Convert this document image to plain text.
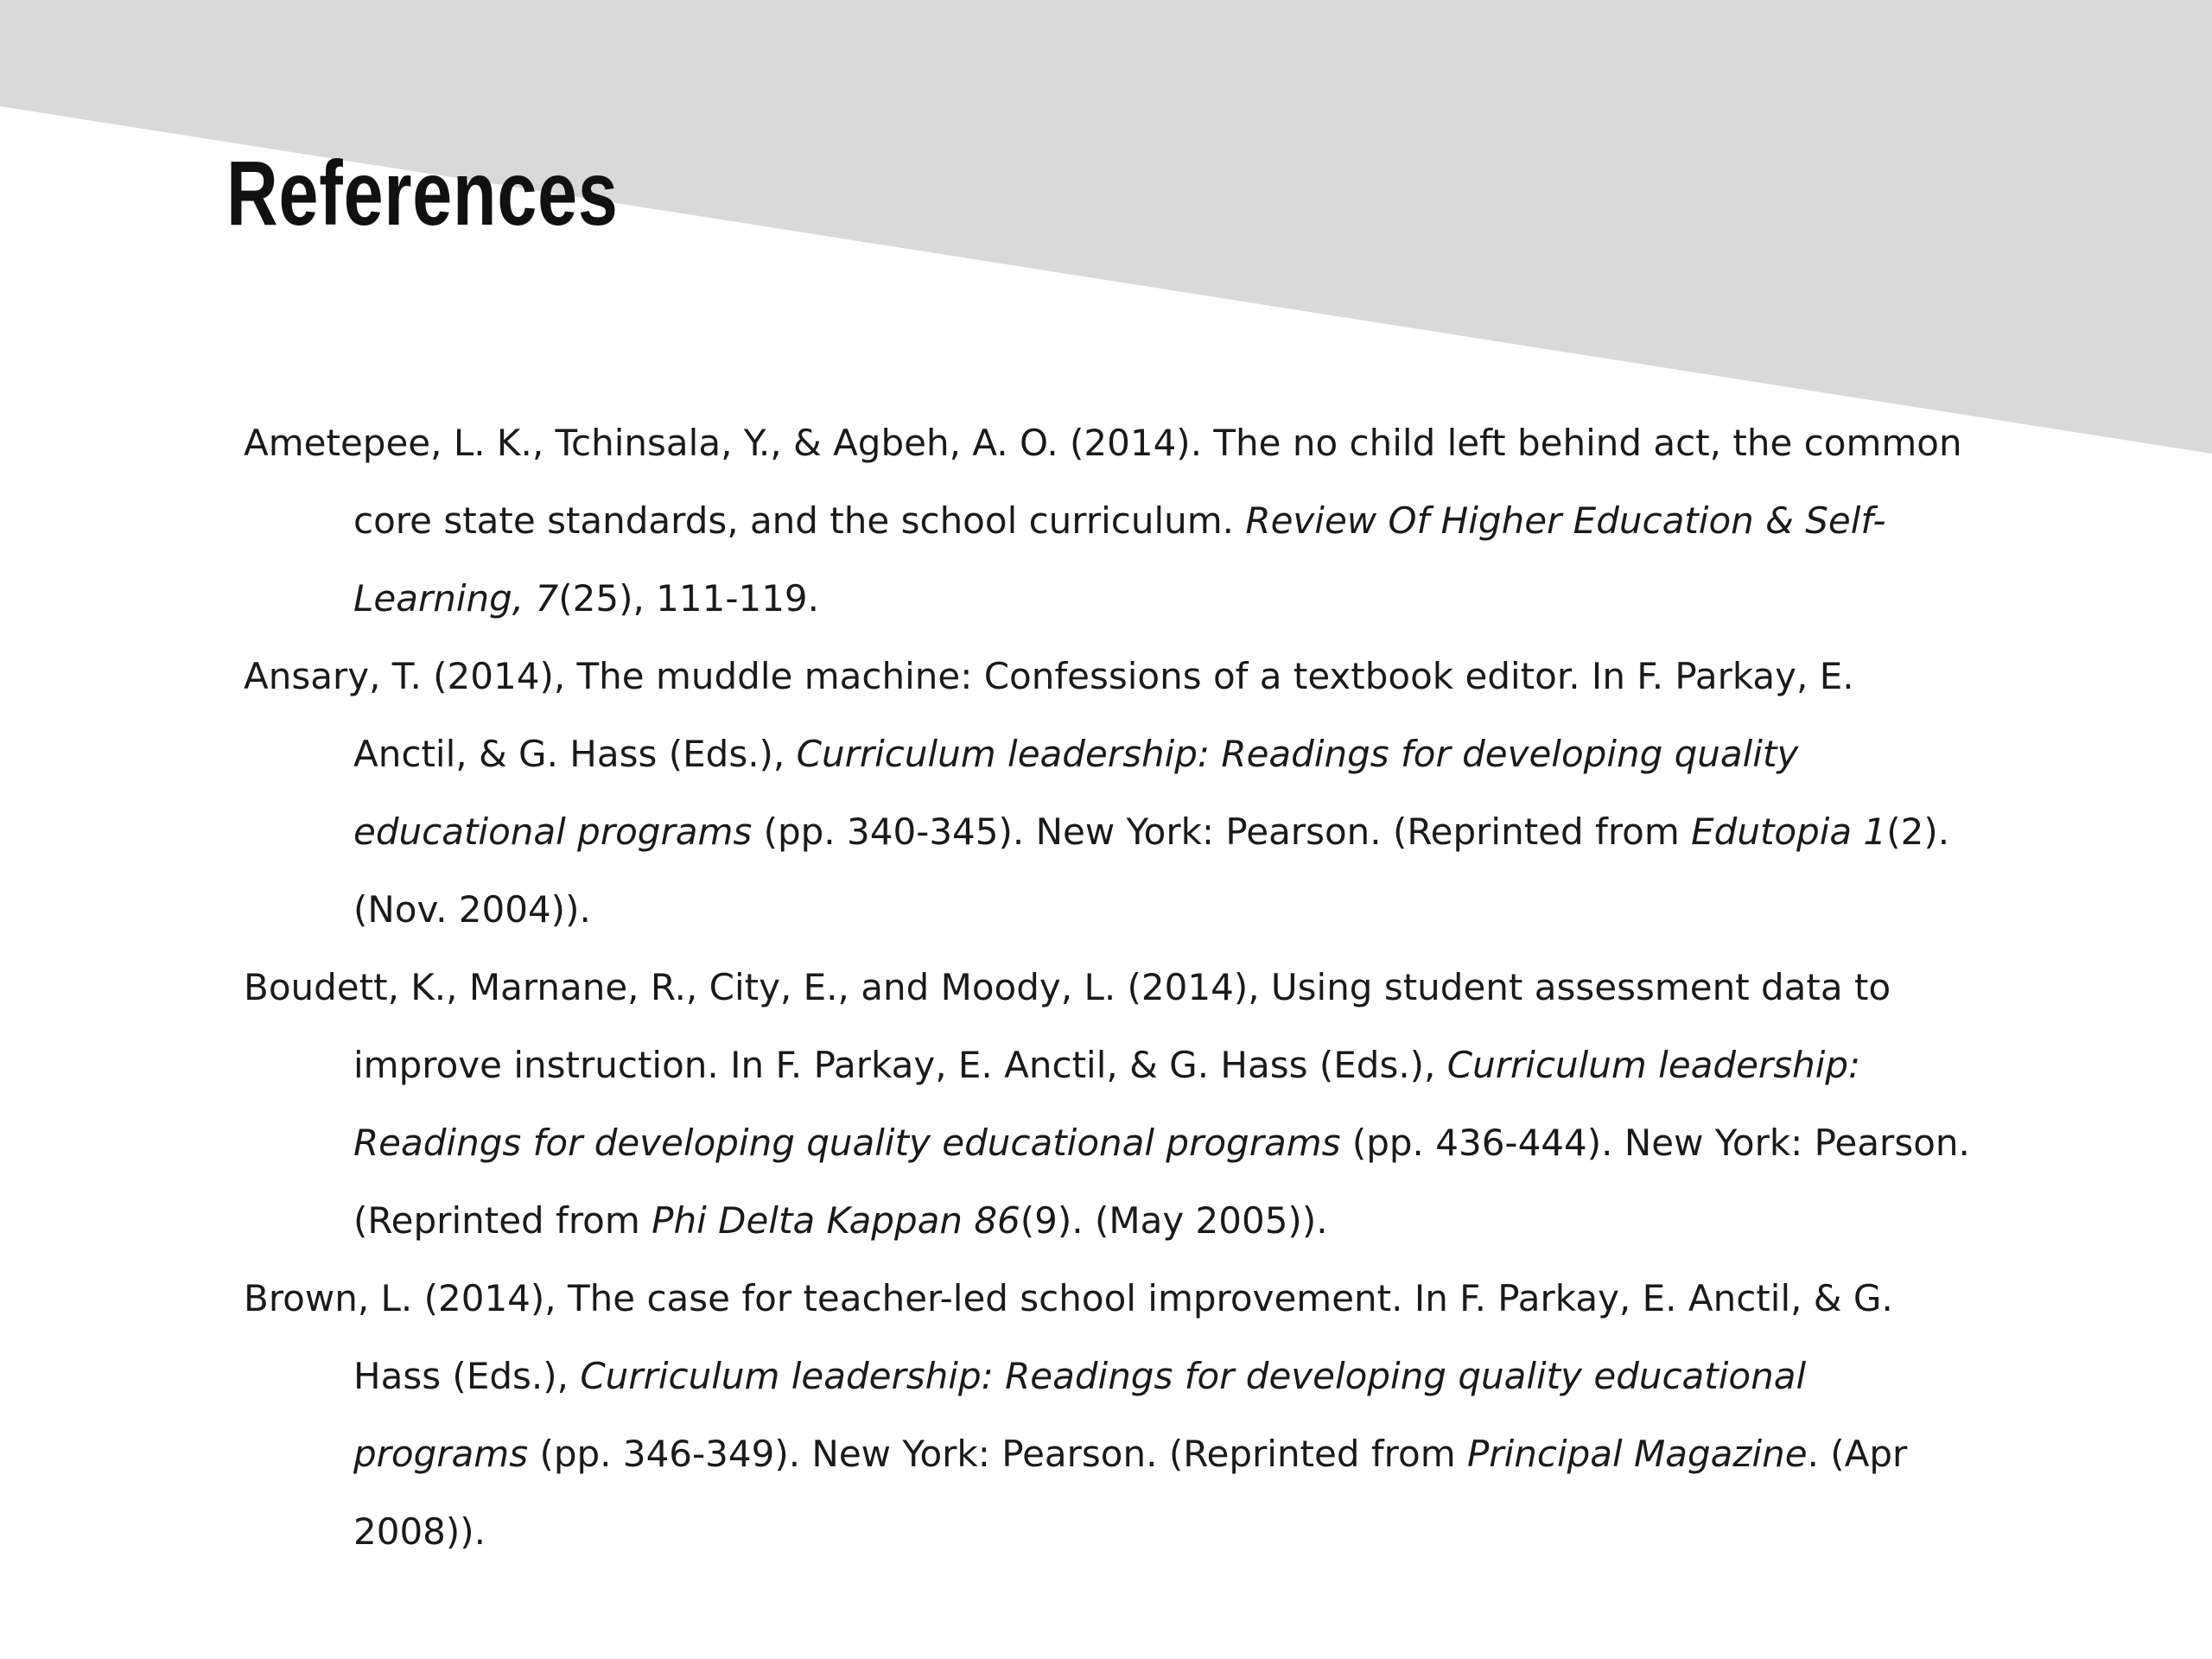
References

Ametepee, L. K., Tchinsala, Y., & Agbeh, A. O. (2014). The no child left behind act, the common core state standards, and the school curriculum. Review Of Higher Education & Self-Learning, 7(25), 111-119.

Ansary, T. (2014), The muddle machine: Confessions of a textbook editor. In F. Parkay, E. Anctil, & G. Hass (Eds.), Curriculum leadership: Readings for developing quality educational programs (pp. 340-345). New York: Pearson. (Reprinted from Edutopia 1(2). (Nov. 2004)).

Boudett, K., Marnane, R., City, E., and Moody, L. (2014), Using student assessment data to improve instruction. In F. Parkay, E. Anctil, & G. Hass (Eds.), Curriculum leadership: Readings for developing quality educational programs (pp. 436-444). New York: Pearson. (Reprinted from Phi Delta Kappan 86(9). (May 2005)).

Brown, L. (2014), The case for teacher-led school improvement. In F. Parkay, E. Anctil, & G. Hass (Eds.), Curriculum leadership: Readings for developing quality educational programs (pp. 346-349). New York: Pearson. (Reprinted from Principal Magazine. (Apr 2008)).
